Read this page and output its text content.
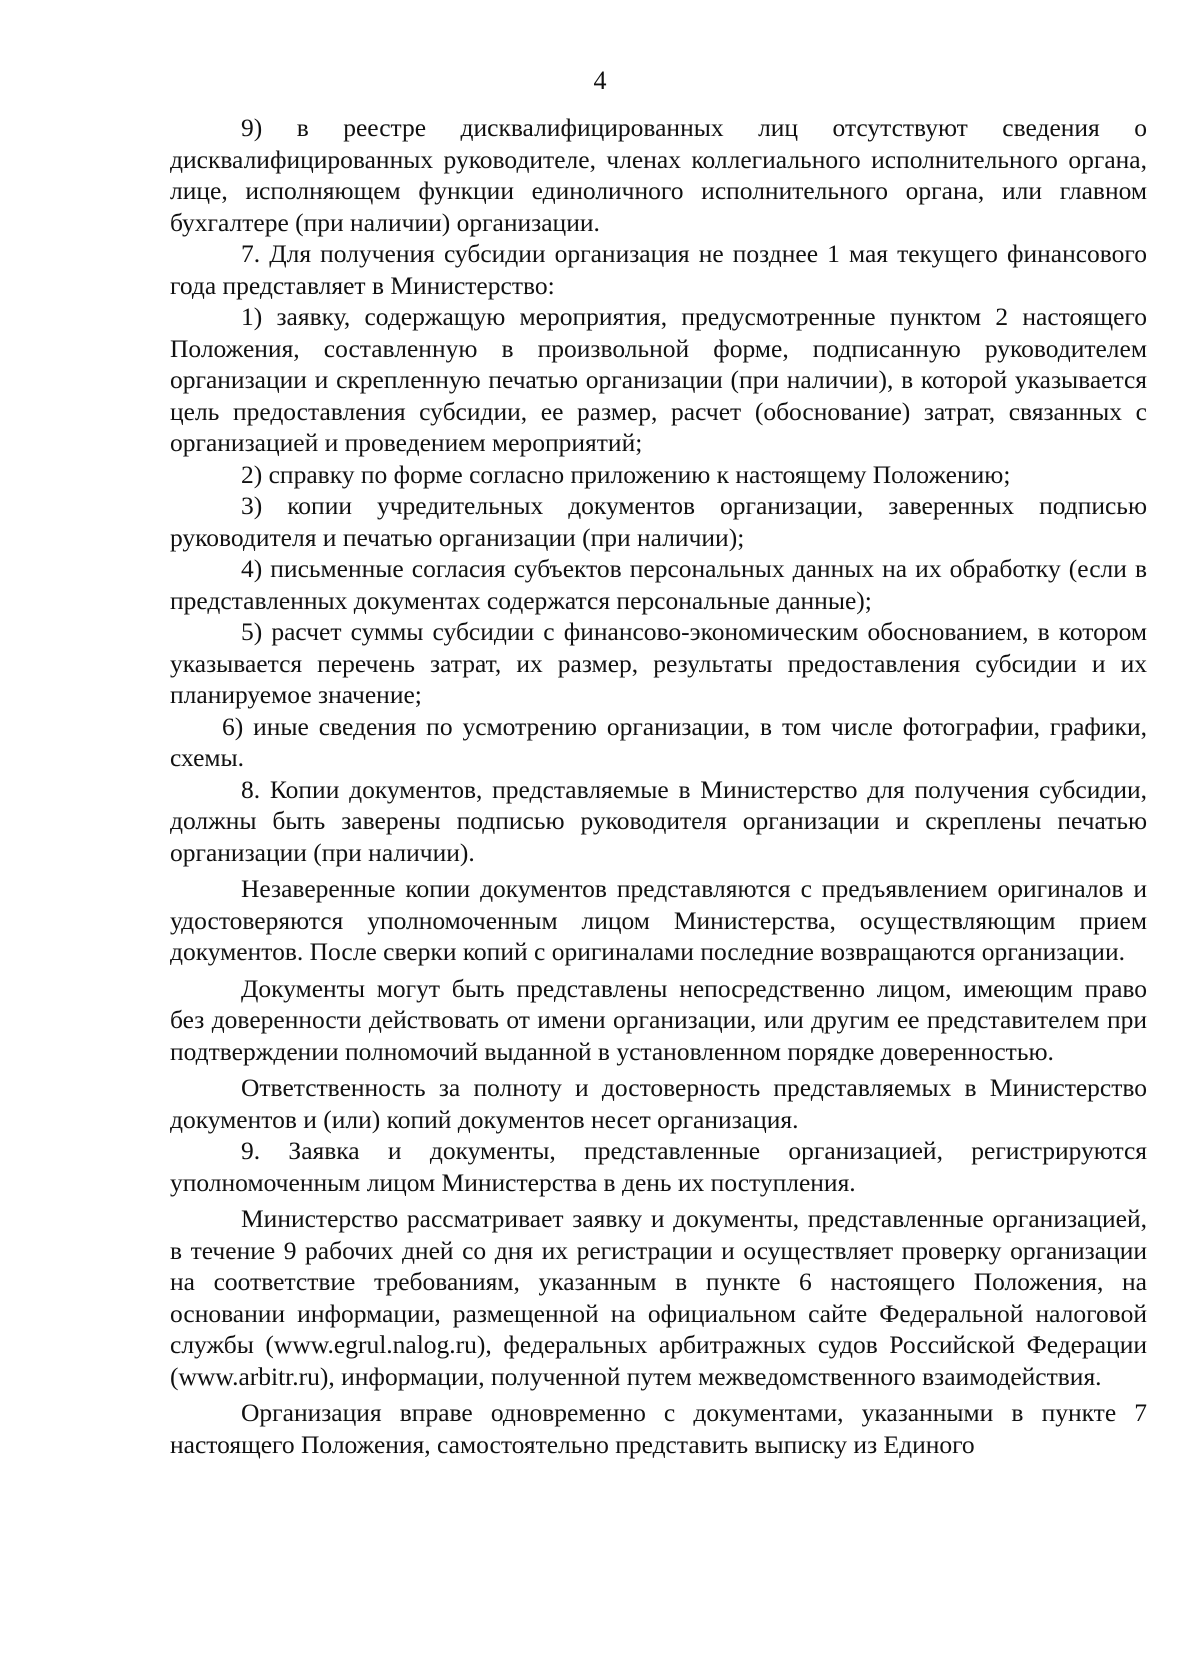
4

9) в реестре дисквалифицированных лиц отсутствуют сведения о дисквалифицированных руководителе, членах коллегиального исполнительного органа, лице, исполняющем функции единоличного исполнительного органа, или главном бухгалтере (при наличии) организации.

7. Для получения субсидии организация не позднее 1 мая текущего финансового года представляет в Министерство:

1) заявку, содержащую мероприятия, предусмотренные пунктом 2 настоящего Положения, составленную в произвольной форме, подписанную руководителем организации и скрепленную печатью организации (при наличии), в которой указывается цель предоставления субсидии, ее размер, расчет (обоснование) затрат, связанных с организацией и проведением мероприятий;

2) справку по форме согласно приложению к настоящему Положению;

3) копии учредительных документов организации, заверенных подписью руководителя и печатью организации (при наличии);

4) письменные согласия субъектов персональных данных на их обработку (если в представленных документах содержатся персональные данные);

5) расчет суммы субсидии с финансово-экономическим обоснованием, в котором указывается перечень затрат, их размер, результаты предоставления субсидии и их планируемое значение;

6) иные сведения по усмотрению организации, в том числе фотографии, графики, схемы.

8. Копии документов, представляемые в Министерство для получения субсидии, должны быть заверены подписью руководителя организации и скреплены печатью организации (при наличии).

Незаверенные копии документов представляются с предъявлением оригиналов и удостоверяются уполномоченным лицом Министерства, осуществляющим прием документов. После сверки копий с оригиналами последние возвращаются организации.

Документы могут быть представлены непосредственно лицом, имеющим право без доверенности действовать от имени организации, или другим ее представителем при подтверждении полномочий выданной в установленном порядке доверенностью.

Ответственность за полноту и достоверность представляемых в Министерство документов и (или) копий документов несет организация.

9. Заявка и документы, представленные организацией, регистрируются уполномоченным лицом Министерства в день их поступления.

Министерство рассматривает заявку и документы, представленные организацией, в течение 9 рабочих дней со дня их регистрации и осуществляет проверку организации на соответствие требованиям, указанным в пункте 6 настоящего Положения, на основании информации, размещенной на официальном сайте Федеральной налоговой службы (www.egrul.nalog.ru), федеральных арбитражных судов Российской Федерации (www.arbitr.ru), информации, полученной путем межведомственного взаимодействия.

Организация вправе одновременно с документами, указанными в пункте 7 настоящего Положения, самостоятельно представить выписку из Единого
